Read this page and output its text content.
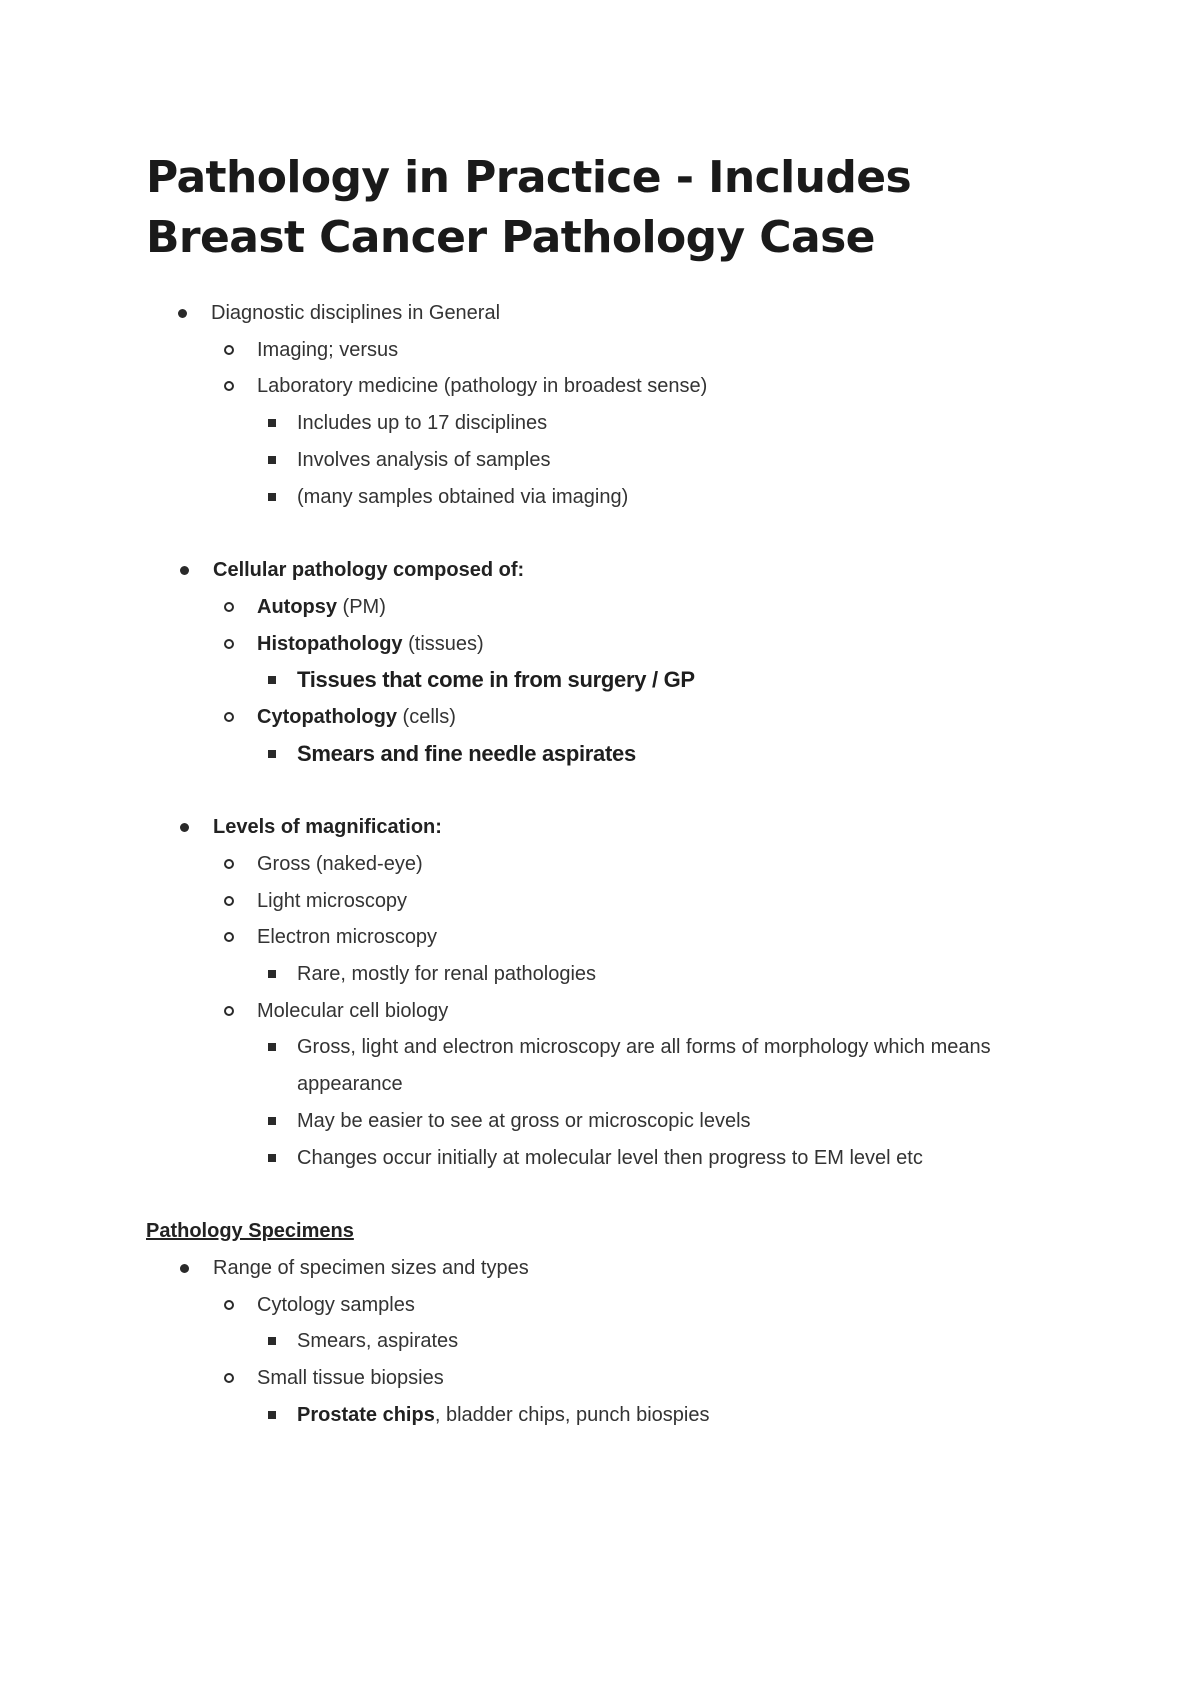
Pathology in Practice - Includes
Breast Cancer Pathology Case
Diagnostic disciplines in General
Imaging; versus
Laboratory medicine (pathology in broadest sense)
Includes up to 17 disciplines
Involves analysis of samples
(many samples obtained via imaging)
Cellular pathology composed of:
Autopsy (PM)
Histopathology (tissues)
Tissues that come in from surgery / GP
Cytopathology (cells)
Smears and fine needle aspirates
Levels of magnification:
Gross (naked-eye)
Light microscopy
Electron microscopy
Rare, mostly for renal pathologies
Molecular cell biology
Gross, light and electron microscopy are all forms of morphology which means appearance
May be easier to see at gross or microscopic levels
Changes occur initially at molecular level then progress to EM level etc
Pathology Specimens
Range of specimen sizes and types
Cytology samples
Smears, aspirates
Small tissue biopsies
Prostate chips, bladder chips, punch biospies
